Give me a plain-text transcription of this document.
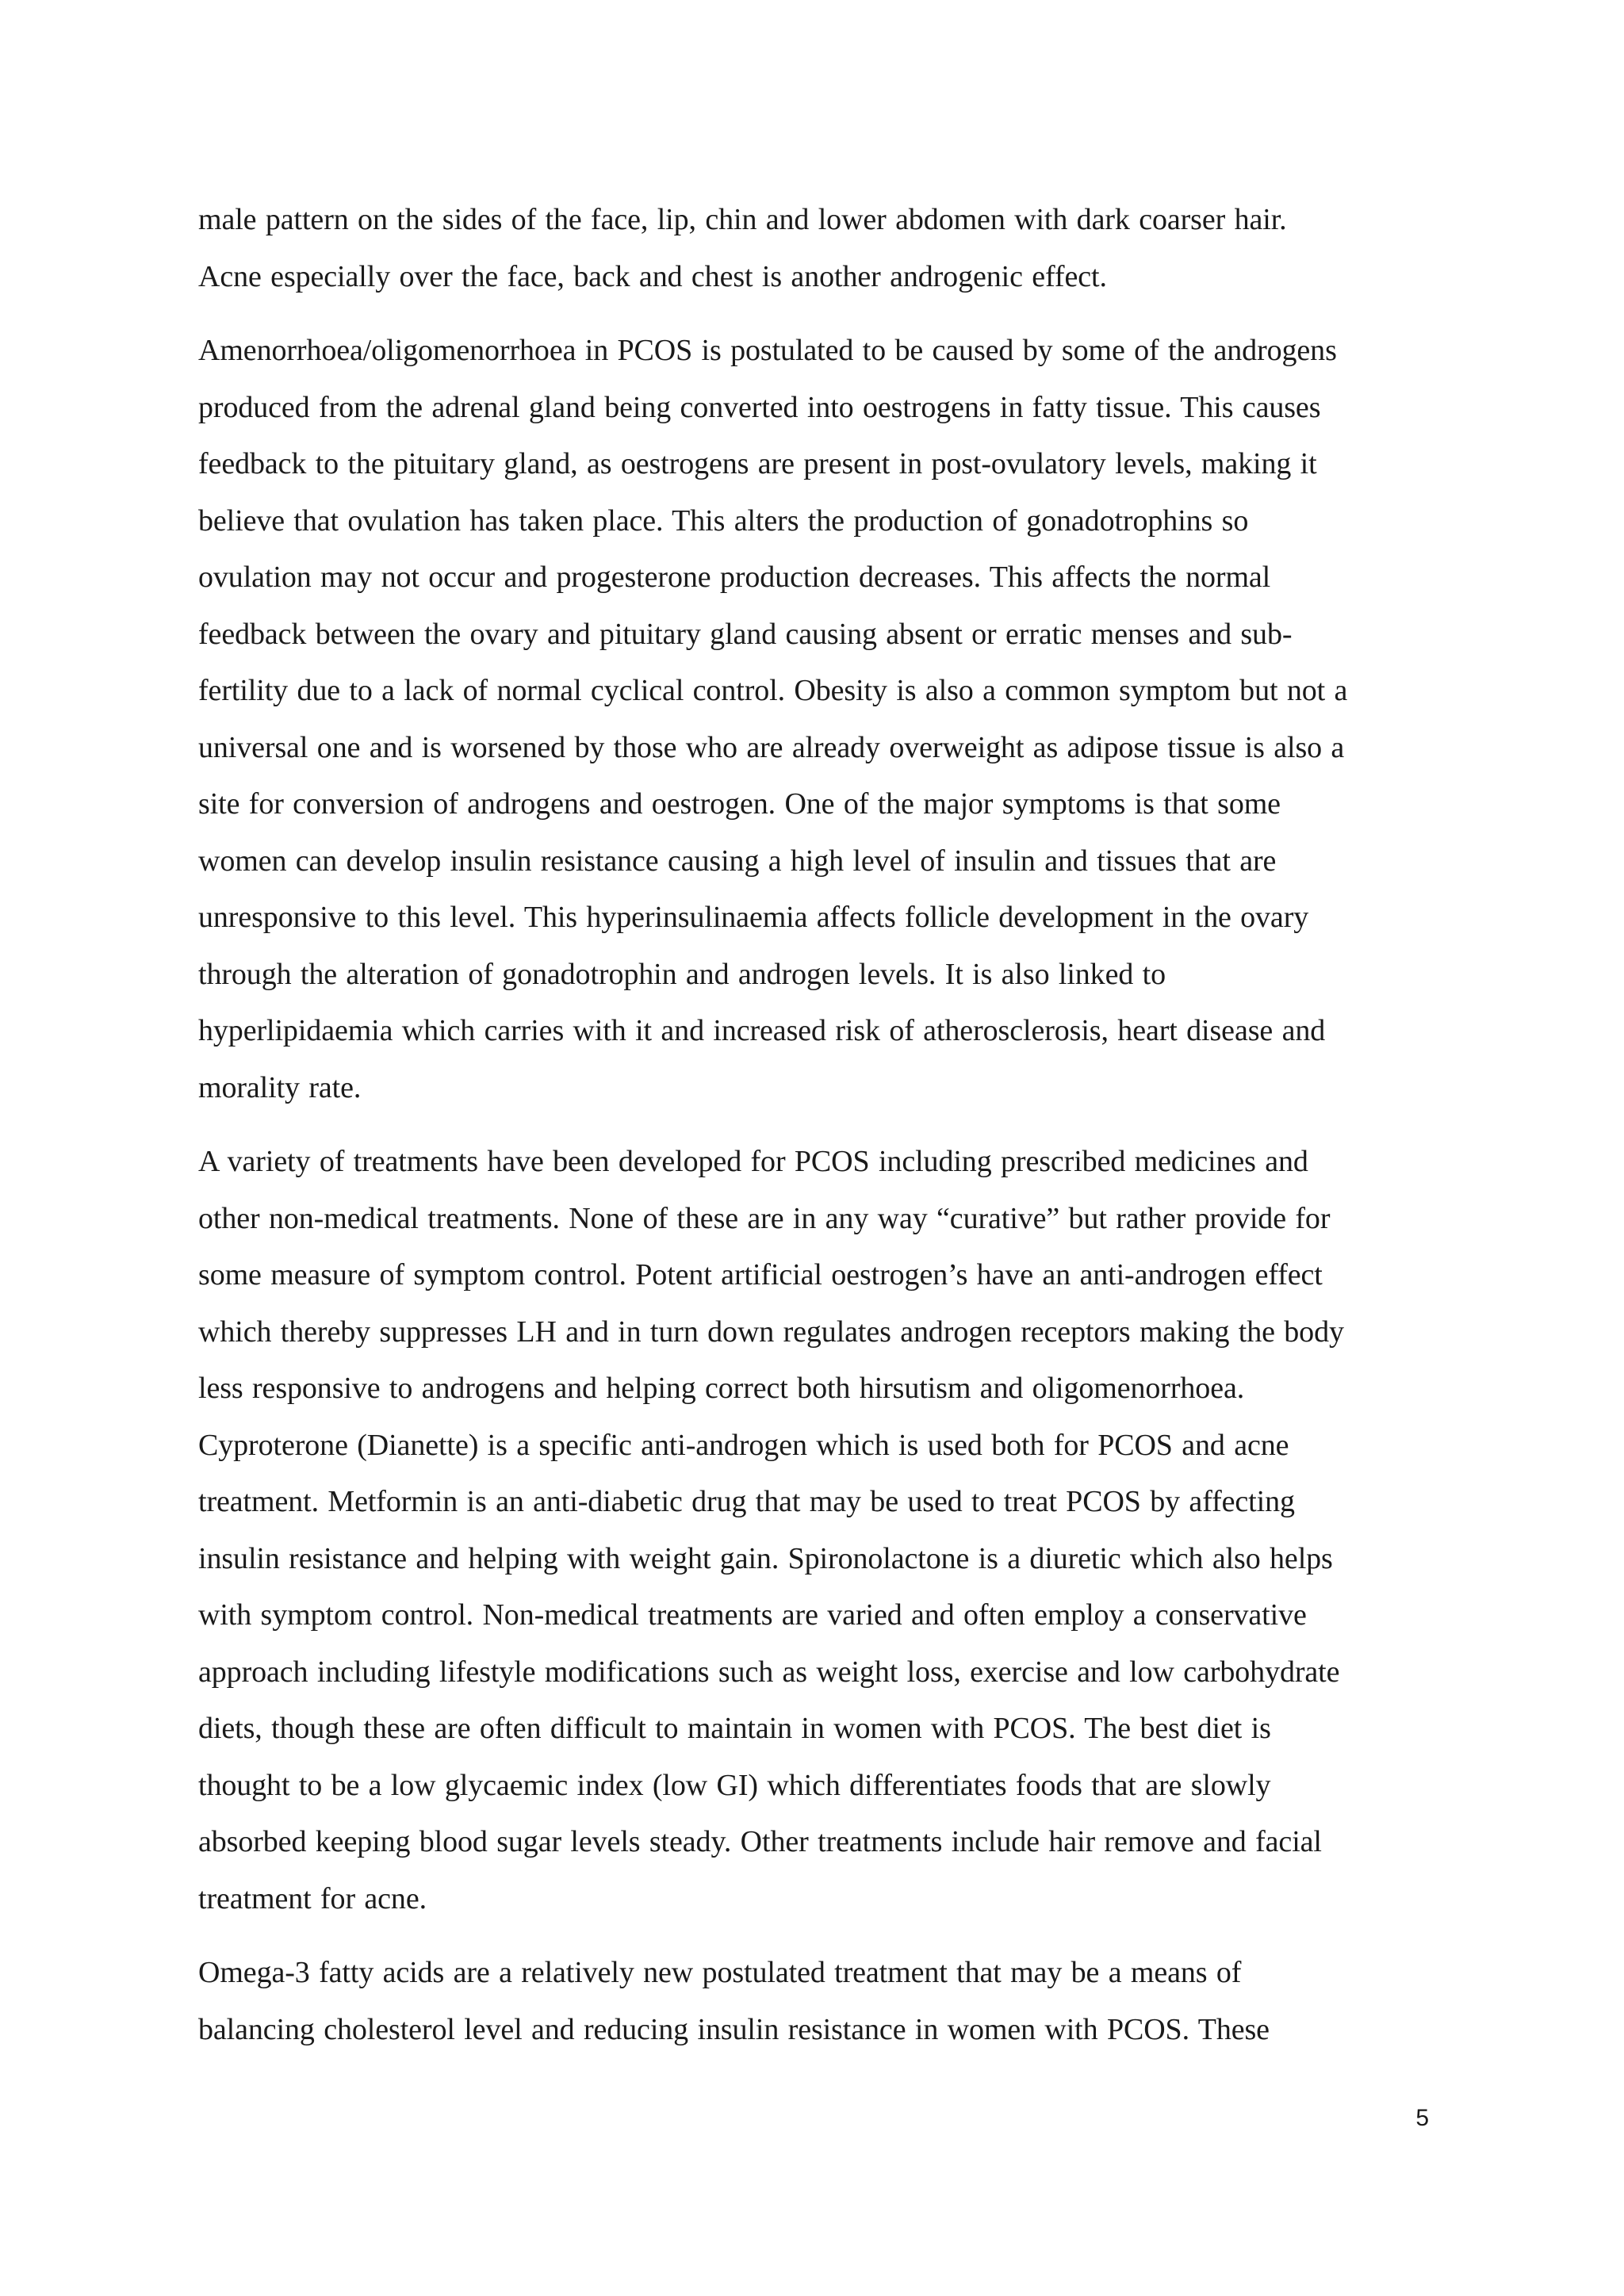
male pattern on the sides of the face, lip, chin and lower abdomen with dark coarser hair.
Acne especially over the face, back and chest is another androgenic effect.

Amenorrhoea/oligomenorrhoea in PCOS is postulated to be caused by some of the androgens
produced from the adrenal gland being converted into oestrogens in fatty tissue. This causes
feedback to the pituitary gland, as oestrogens are present in post-ovulatory levels, making it
believe that ovulation has taken place. This alters the production of gonadotrophins so
ovulation may not occur and progesterone production decreases. This affects the normal
feedback between the ovary and pituitary gland causing absent or erratic menses and sub-
fertility due to a lack of normal cyclical control. Obesity is also a common symptom but not a
universal one and is worsened by those who are already overweight as adipose tissue is also a
site for conversion of androgens and oestrogen. One of the major symptoms is that some
women can develop insulin resistance causing a high level of insulin and tissues that are
unresponsive to this level. This hyperinsulinaemia affects follicle development in the ovary
through the alteration of gonadotrophin and androgen levels. It is also linked to
hyperlipidaemia which carries with it and increased risk of atherosclerosis, heart disease and
morality rate.

A variety of treatments have been developed for PCOS including prescribed medicines and
other non-medical treatments. None of these are in any way “curative” but rather provide for
some measure of symptom control. Potent artificial oestrogen’s have an anti-androgen effect
which thereby suppresses LH and in turn down regulates androgen receptors making the body
less responsive to androgens and helping correct both hirsutism and oligomenorrhoea.
Cyproterone (Dianette) is a specific anti-androgen which is used both for PCOS and acne
treatment. Metformin is an anti-diabetic drug that may be used to treat PCOS by affecting
insulin resistance and helping with weight gain. Spironolactone is a diuretic which also helps
with symptom control. Non-medical treatments are varied and often employ a conservative
approach including lifestyle modifications such as weight loss, exercise and low carbohydrate
diets, though these are often difficult to maintain in women with PCOS. The best diet is
thought to be a low glycaemic index (low GI) which differentiates foods that are slowly
absorbed keeping blood sugar levels steady. Other treatments include hair remove and facial
treatment for acne.

Omega-3 fatty acids are a relatively new postulated treatment that may be a means of
balancing cholesterol level and reducing insulin resistance in women with PCOS. These

5
